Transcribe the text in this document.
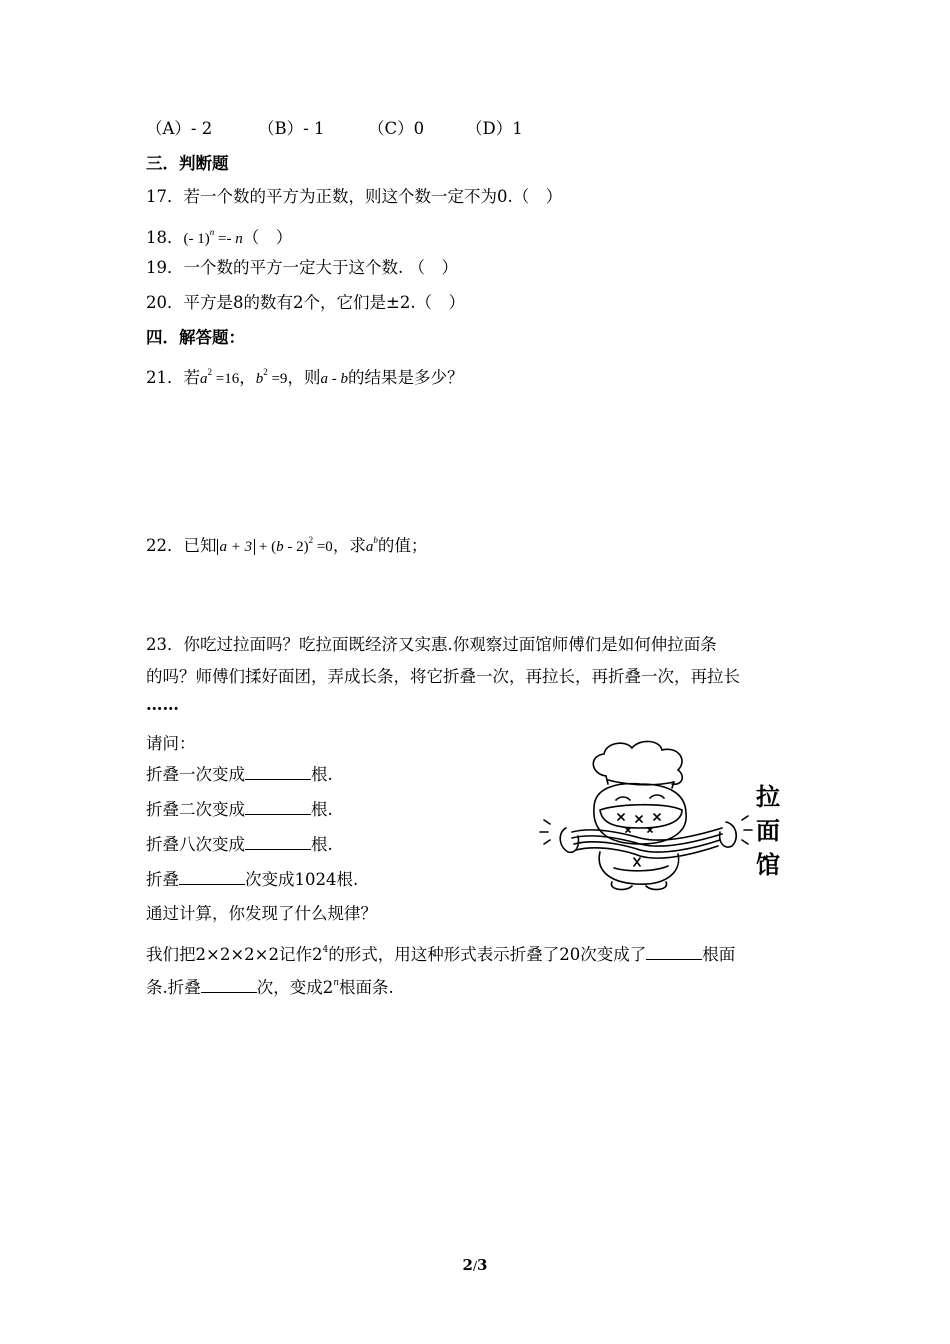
（A）- 2	（B）- 1	（C）0	（D）1
三．判断题
17．若一个数的平方为正数，则这个数一定不为0.（　）
18．(- 1)$^n$ =- n（　）
19．一个数的平方一定大于这个数. （　）
20．平方是8的数有2个，它们是±2.（　）
四．解答题：
21．若$a^2 =16$，$b^2 =9$，则a - b的结果是多少？
22．已知 a + 3 + (b - 2)$^2$ =0，求$a^b$的值；
23．你吃过拉面吗？吃拉面既经济又实惠.你观察过面馆师傅们是如何伸拉面条
的吗？师傅们揉好面团，弄成长条，将它折叠一次，再拉长，再折叠一次，再拉长
……
请问：
折叠一次变成	根.
折叠二次变成	根.
折叠八次变成	根.
折叠	次变成1024根.
通过计算，你发现了什么规律？
我们把2×2×2×2记作$2^4$的形式，用这种形式表示折叠了20次变成了	根面
条.折叠	次，变成2$^n$根面条.
拉
面
馆
2/3
